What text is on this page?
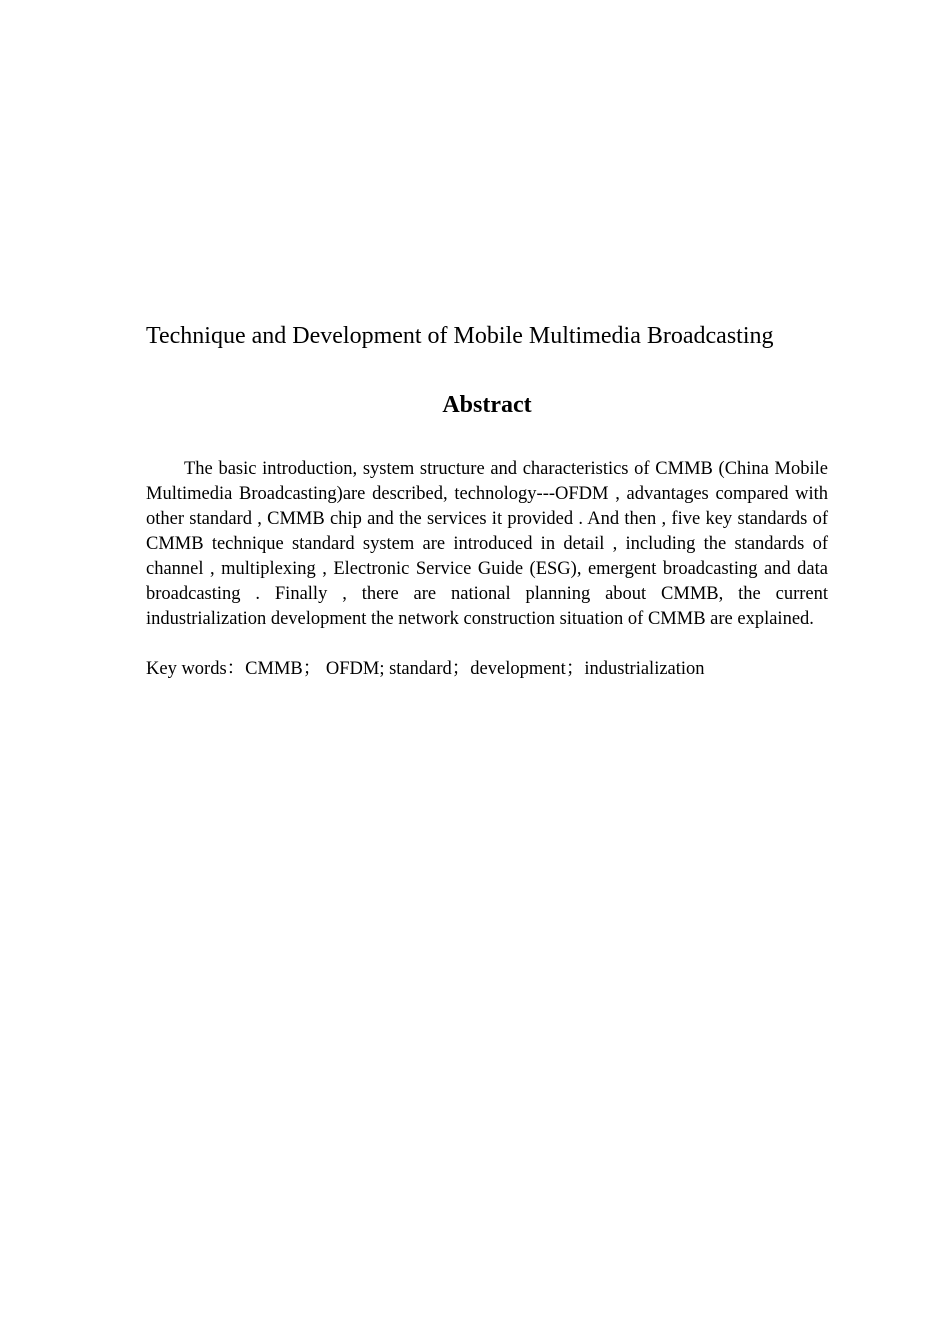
Technique and Development of Mobile Multimedia Broadcasting
Abstract

The basic introduction, system structure and characteristics of CMMB (China Mobile Multimedia Broadcasting)are described, technology---OFDM , advantages compared with other standard , CMMB chip and the services it provided . And then , five key standards of CMMB technique standard system are introduced in detail , including the standards of channel , multiplexing , Electronic Service Guide (ESG), emergent broadcasting and data broadcasting . Finally , there are national planning about CMMB, the current industrialization development the network construction situation of CMMB are explained.

Key words：CMMB； OFDM; standard；development；industrialization
